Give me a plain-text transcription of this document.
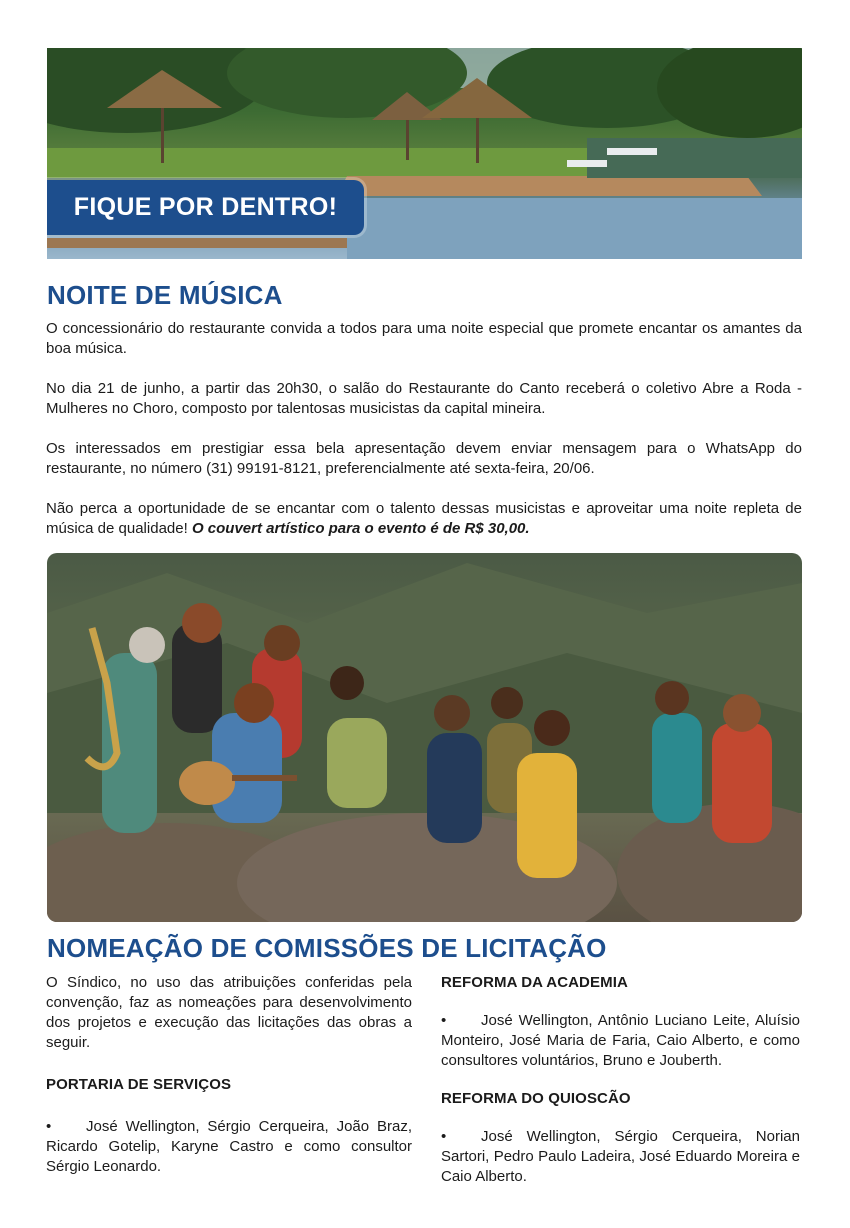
FIQUE POR DENTRO!
NOITE DE MÚSICA

O concessionário do restaurante convida a todos para uma noite especial que promete encantar os amantes da boa música.

No dia 21 de junho, a partir das 20h30, o salão do Restaurante do Canto receberá o coletivo Abre a Roda - Mulheres no Choro, composto por talentosas musicistas da capital mineira.

Os interessados em prestigiar essa bela apresentação devem enviar mensagem para o WhatsApp do restaurante, no número (31) 99191-8121, preferencialmente até sexta-feira, 20/06.

Não perca a oportunidade de se encantar com o talento dessas musicistas e aproveitar uma noite repleta de música de qualidade! O couvert artístico para o evento é de R$ 30,00.

NOMEAÇÃO DE COMISSÕES DE LICITAÇÃO

O Síndico, no uso das atribuições conferidas pela convenção, faz as nomeações para desenvolvimento dos projetos e execução das licitações das obras a seguir.

PORTARIA DE SERVIÇOS

• José Wellington, Sérgio Cerqueira, João Braz, Ricardo Gotelip, Karyne Castro e como consultor Sérgio Leonardo.

REFORMA DA ACADEMIA

• José Wellington, Antônio Luciano Leite, Aluísio Monteiro, José Maria de Faria, Caio Alberto, e como consultores voluntários, Bruno e Jouberth.

REFORMA DO QUIOSCÃO

• José Wellington, Sérgio Cerqueira, Norian Sartori, Pedro Paulo Ladeira, José Eduardo Moreira e Caio Alberto.
